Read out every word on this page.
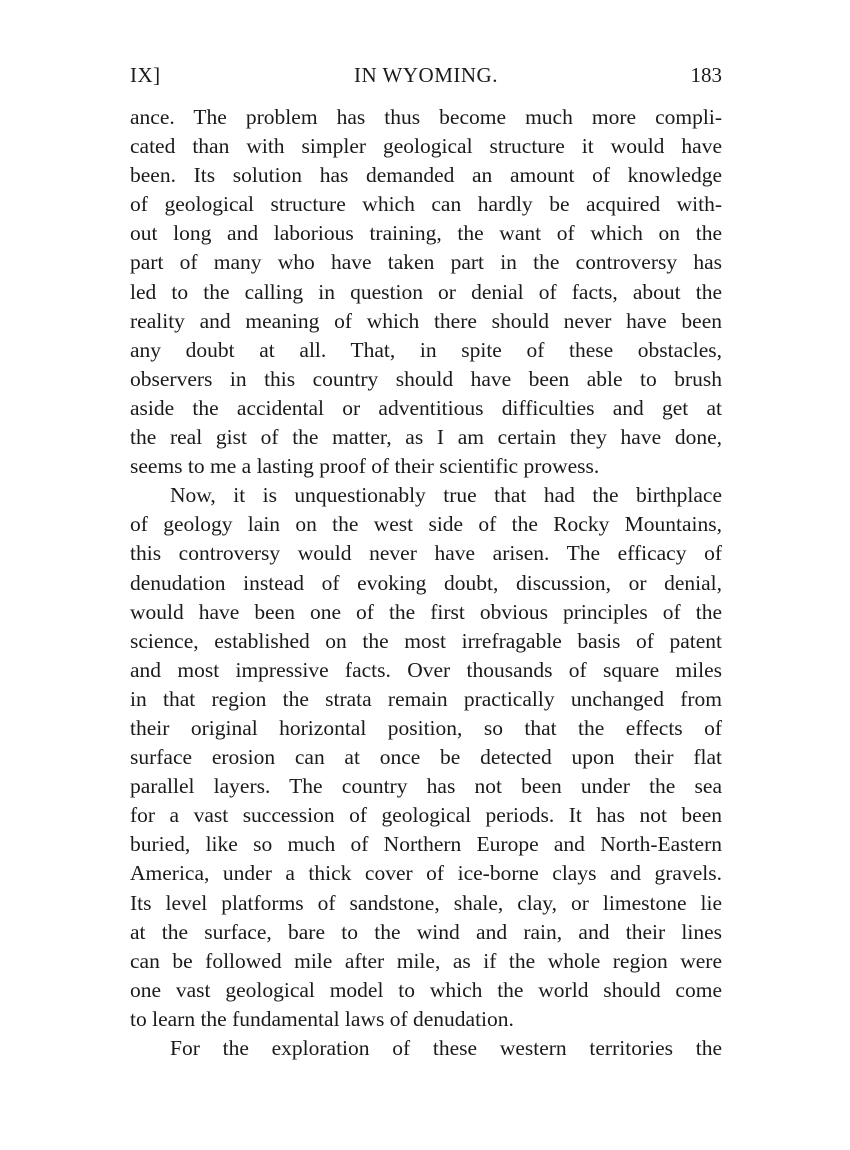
IX]	IN WYOMING.	183
ance. The problem has thus become much more compli-
cated than with simpler geological structure it would have
been. Its solution has demanded an amount of knowledge
of geological structure which can hardly be acquired with-
out long and laborious training, the want of which on the
part of many who have taken part in the controversy has
led to the calling in question or denial of facts, about the
reality and meaning of which there should never have been
any doubt at all. That, in spite of these obstacles,
observers in this country should have been able to brush
aside the accidental or adventitious difficulties and get at
the real gist of the matter, as I am certain they have done,
seems to me a lasting proof of their scientific prowess.
Now, it is unquestionably true that had the birthplace
of geology lain on the west side of the Rocky Mountains,
this controversy would never have arisen. The efficacy of
denudation instead of evoking doubt, discussion, or denial,
would have been one of the first obvious principles of the
science, established on the most irrefragable basis of patent
and most impressive facts. Over thousands of square miles
in that region the strata remain practically unchanged from
their original horizontal position, so that the effects of
surface erosion can at once be detected upon their flat
parallel layers. The country has not been under the sea
for a vast succession of geological periods. It has not been
buried, like so much of Northern Europe and North-Eastern
America, under a thick cover of ice-borne clays and gravels.
Its level platforms of sandstone, shale, clay, or limestone lie
at the surface, bare to the wind and rain, and their lines
can be followed mile after mile, as if the whole region were
one vast geological model to which the world should come
to learn the fundamental laws of denudation.
For the exploration of these western territories the
